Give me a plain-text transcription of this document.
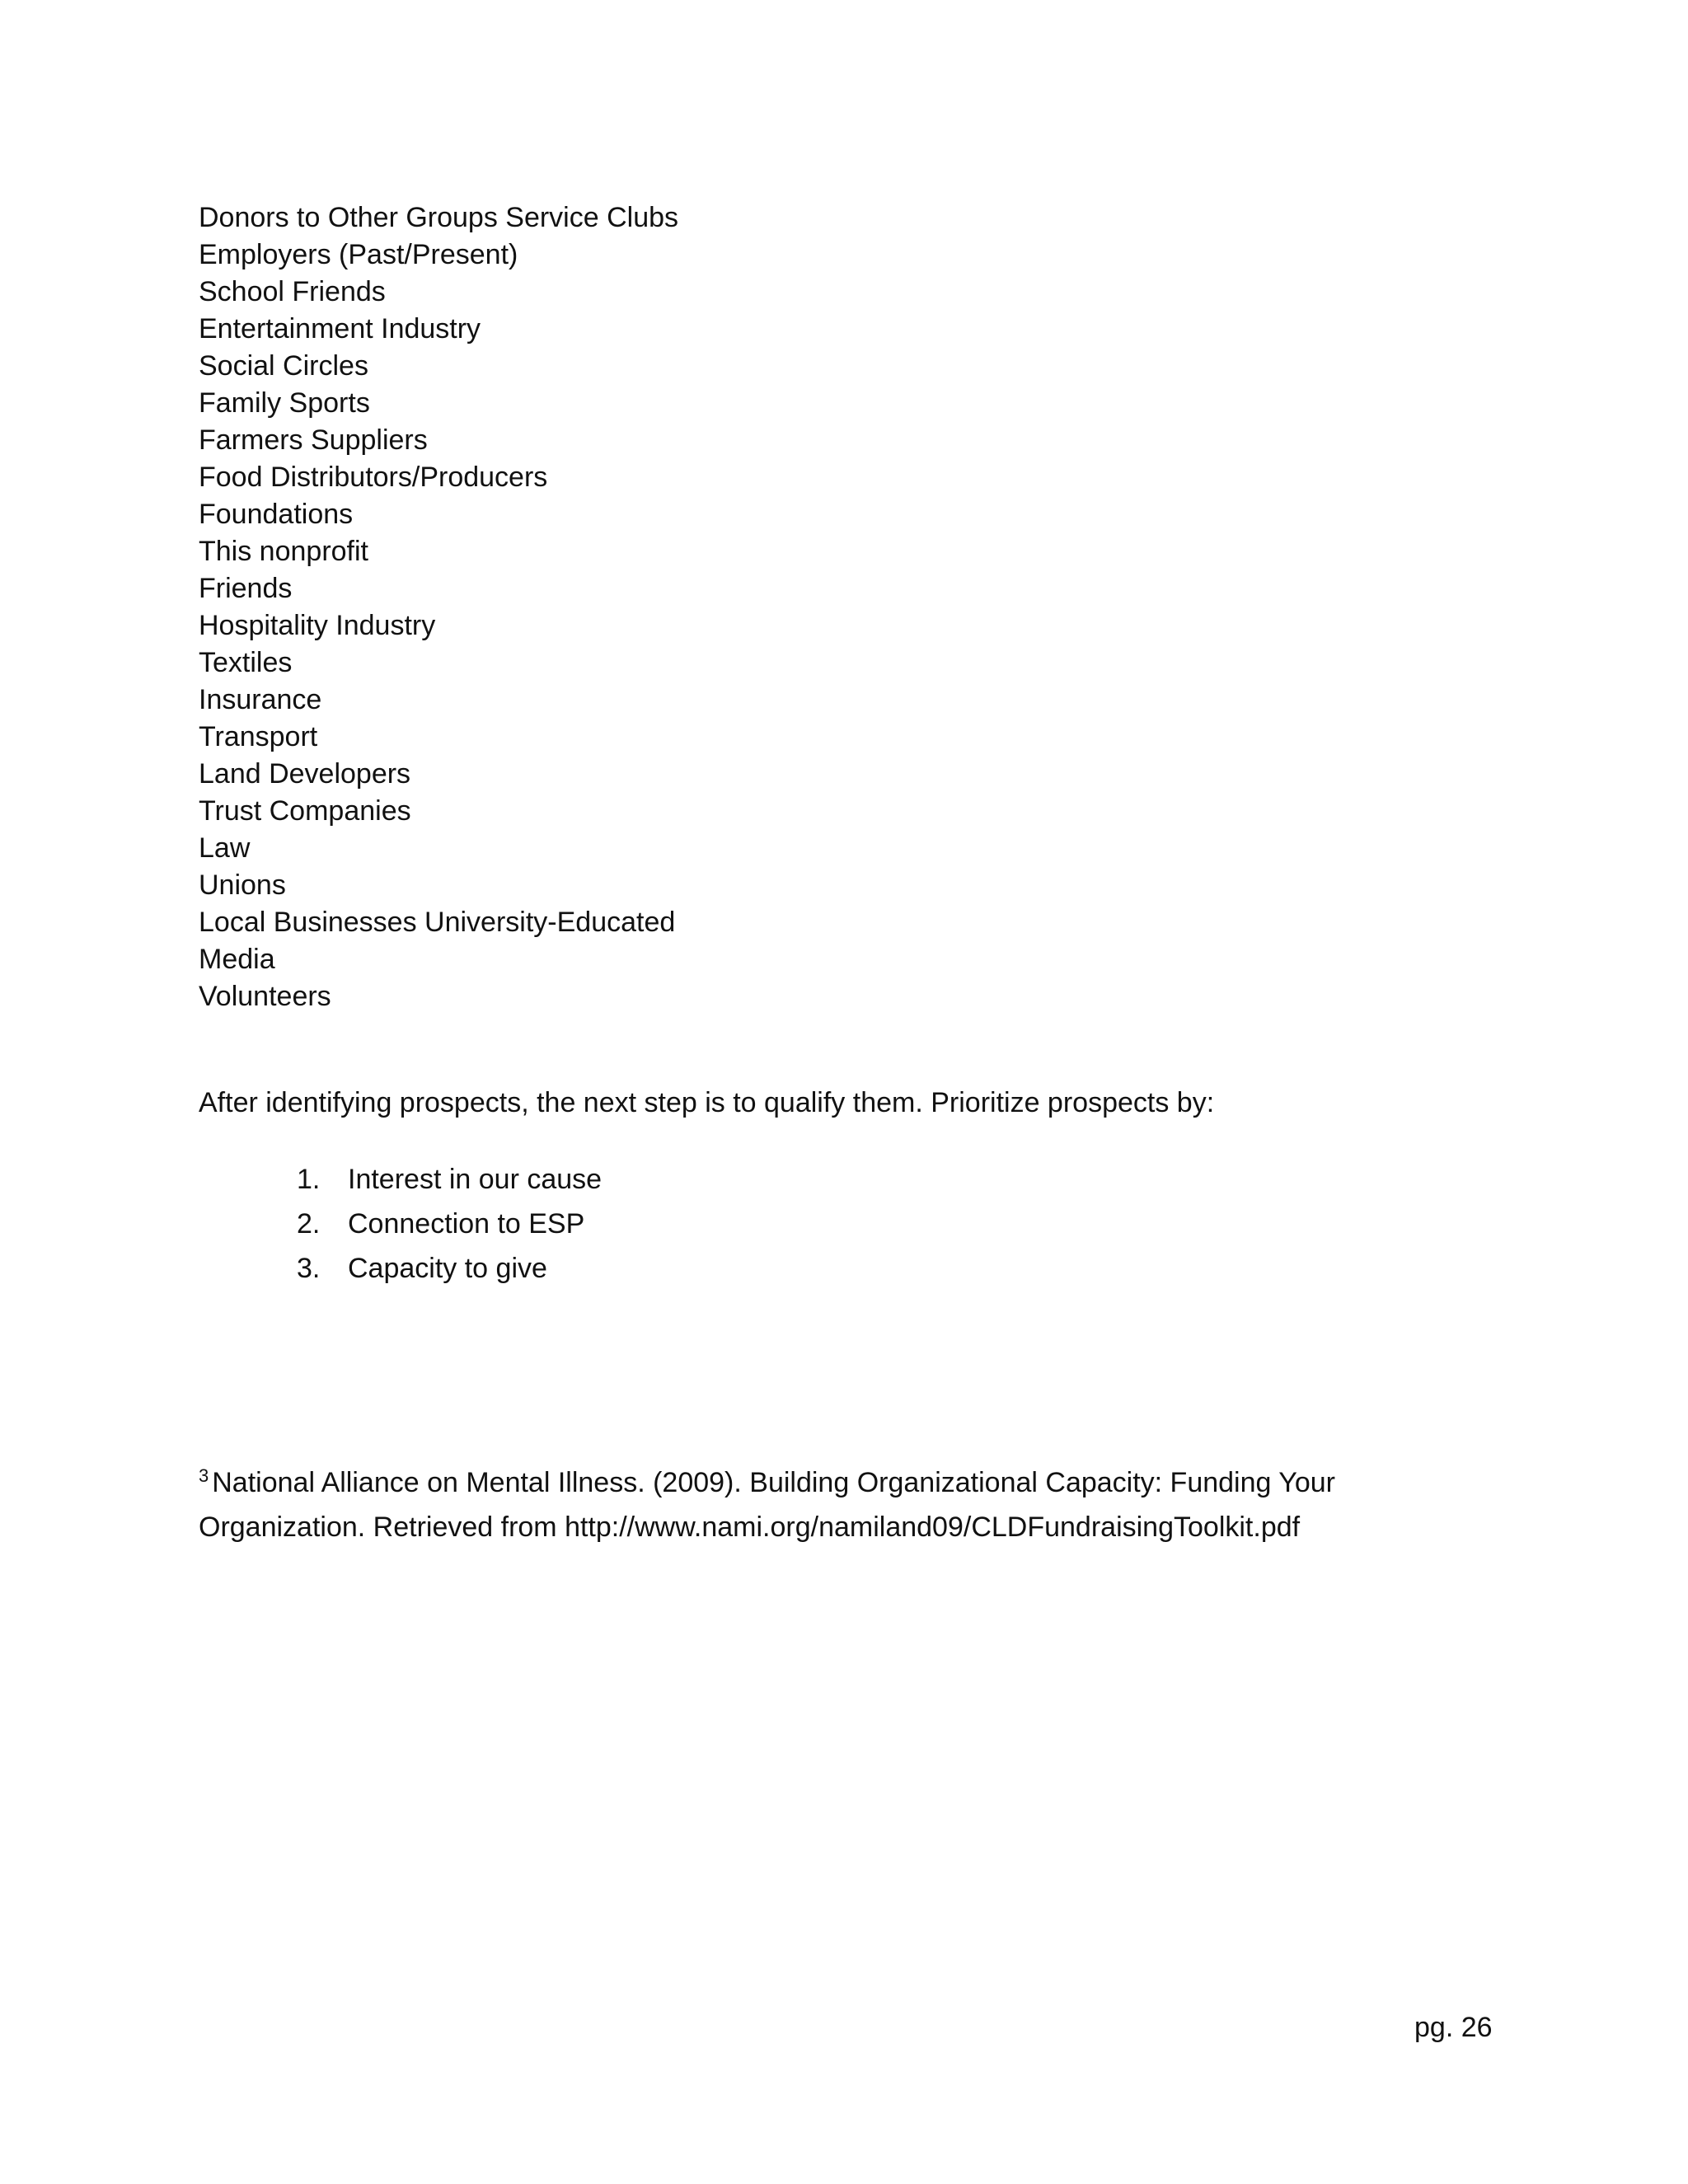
Donors to Other Groups Service Clubs
Employers (Past/Present)
School Friends
Entertainment Industry
Social Circles
Family Sports
Farmers Suppliers
Food Distributors/Producers
Foundations
This nonprofit
Friends
Hospitality Industry
Textiles
Insurance
Transport
Land Developers
Trust Companies
Law
Unions
Local Businesses University-Educated
Media
Volunteers

After identifying prospects, the next step is to qualify them. Prioritize prospects by:

1. Interest in our cause
2. Connection to ESP
3. Capacity to give
$^3$ National Alliance on Mental Illness. (2009). Building Organizational Capacity: Funding Your
Organization. Retrieved from http://www.nami.org/namiland09/CLDFundraisingToolkit.pdf
pg. 26
